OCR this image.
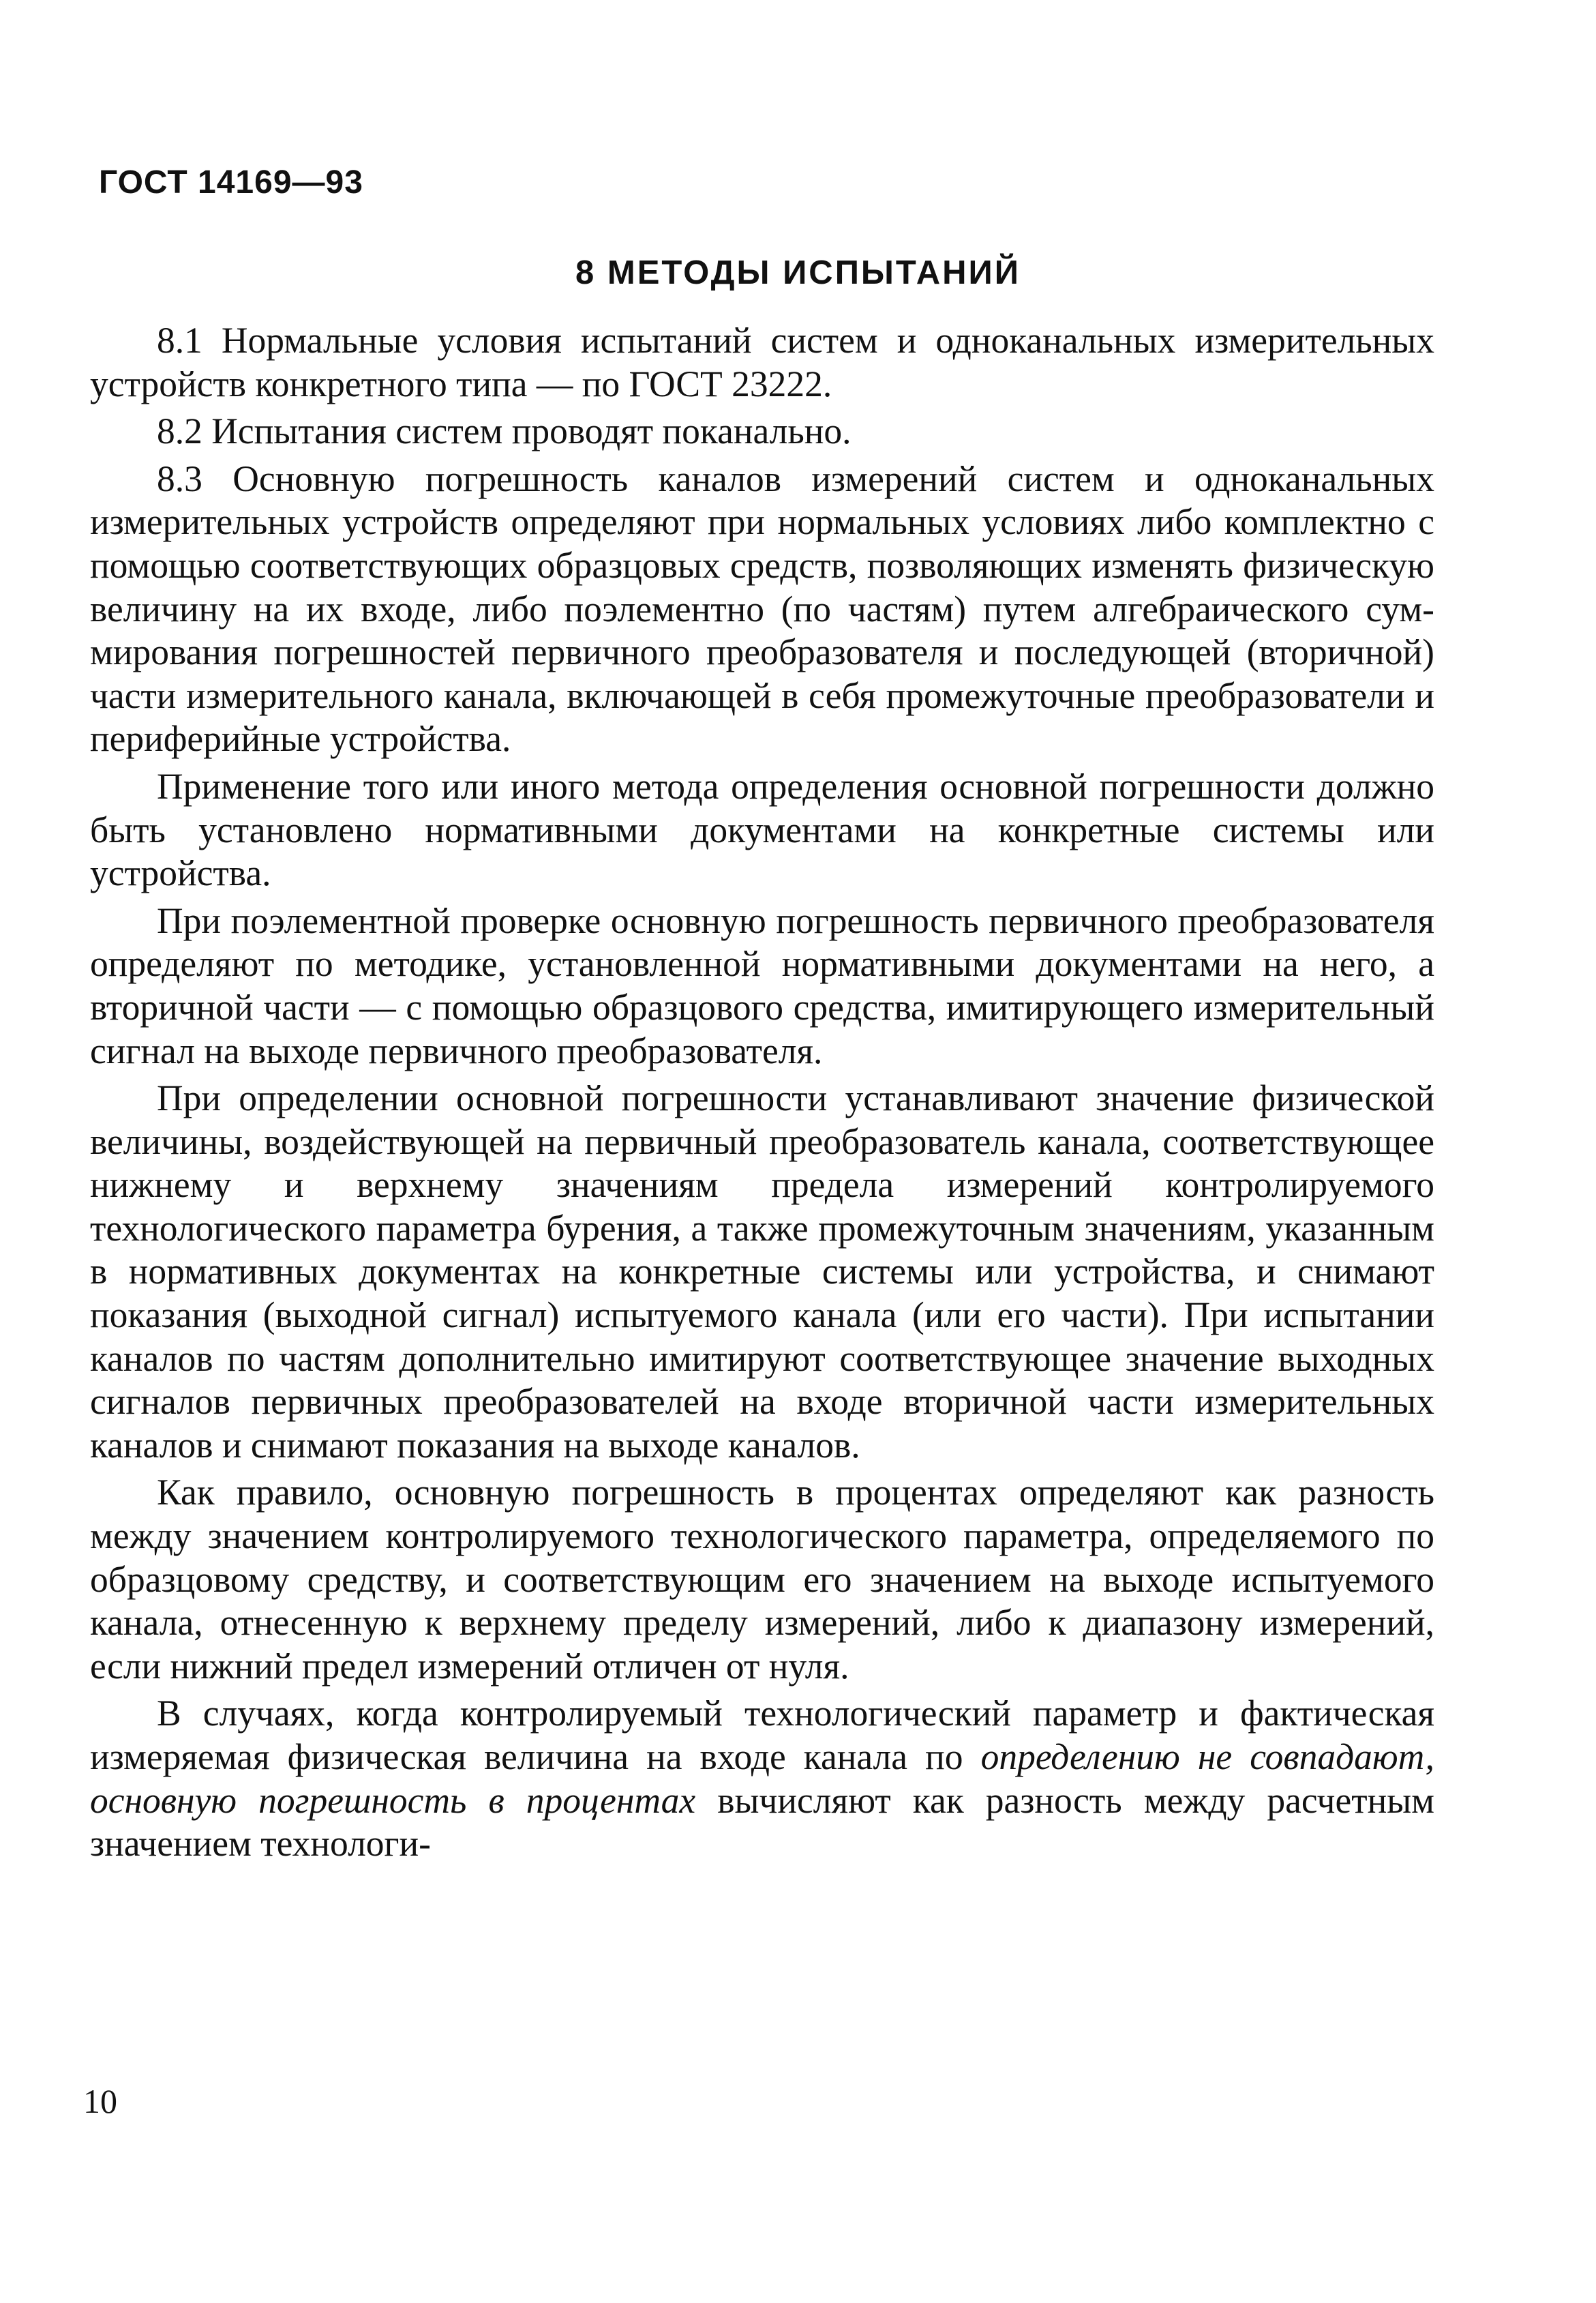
ГОСТ 14169—93
8 МЕТОДЫ ИСПЫТАНИЙ

8.1 Нормальные условия испытаний систем и одноканальных измерительных устройств конкретного типа — по ГОСТ 23222.

8.2 Испытания систем проводят поканально.

8.3 Основную погрешность каналов измерений систем и одноканальных измерительных устройств определяют при нормальных условиях либо комплектно с помощью соответствующих образцовых средств, позволяющих изменять физическую величину на их входе, либо поэлементно (по частям) путем алгебраического суммирования погрешностей первичного преобразователя и последующей (вторичной) части измерительного канала, включающей в себя промежуточные преобразователи и периферийные устройства.

Применение того или иного метода определения основной погрешности должно быть установлено нормативными документами на конкретные системы или устройства.

При поэлементной проверке основную погрешность первичного преобразователя определяют по методике, установленной нормативными документами на него, а вторичной части — с помощью образцового средства, имитирующего измерительный сигнал на выходе первичного преобразователя.

При определении основной погрешности устанавливают значение физической величины, воздействующей на первичный преобразователь канала, соответствующее нижнему и верхнему значениям предела измерений контролируемого технологического параметра бурения, а также промежуточным значениям, указанным в нормативных документах на конкретные системы или устройства, и снимают показания (выходной сигнал) испытуемого канала (или его части). При испытании каналов по частям дополнительно имитируют соответствующее значение выходных сигналов первичных преобразователей на входе вторичной части измерительных каналов и снимают показания на выходе каналов.

Как правило, основную погрешность в процентах определяют как разность между значением контролируемого технологического параметра, определяемого по образцовому средству, и соответствующим его значением на выходе испытуемого канала, отнесенную к верхнему пределу измерений, либо к диапазону измерений, если нижний предел измерений отличен от нуля.

В случаях, когда контролируемый технологический параметр и фактическая измеряемая физическая величина на входе канала по определению не совпадают, основную погрешность в процентах вычисляют как разность между расчетным значением технологи-

10
